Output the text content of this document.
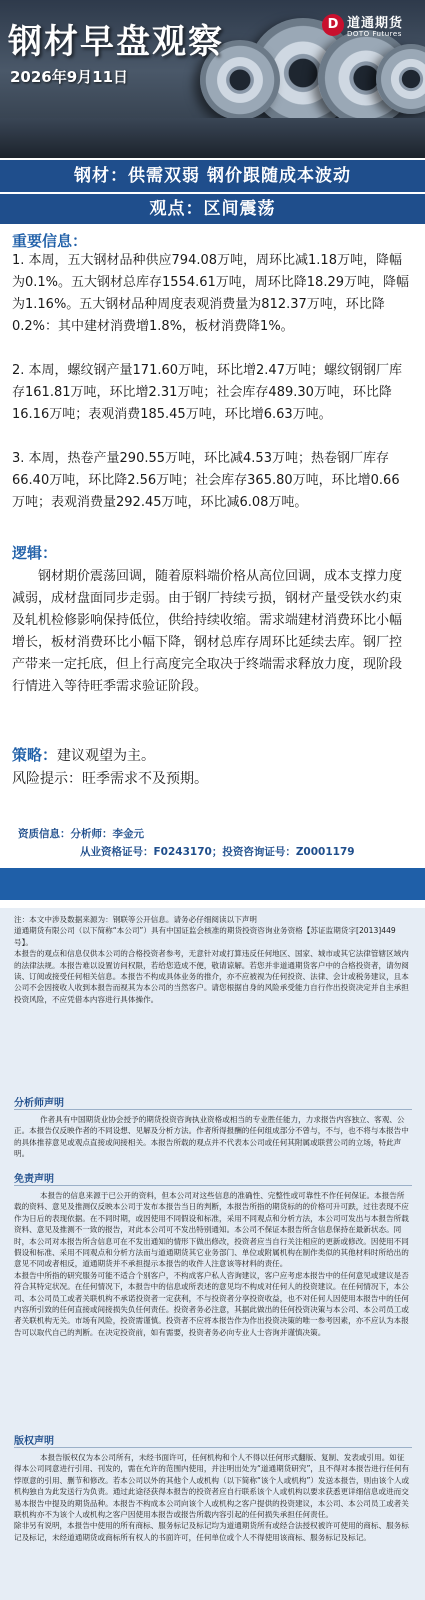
钢材早盘观察
2026年9月11日
D 道通期货
DOTO Futures
钢材：供需双弱 钢价跟随成本波动
观点：区间震荡
重要信息：
1. 本周，五大钢材品种供应794.08万吨，周环比减1.18万吨，降幅为0.1%。五大钢材总库存1554.61万吨，周环比降18.29万吨，降幅为1.16%。五大钢材品种周度表观消费量为812.37万吨，环比降0.2%：其中建材消费增1.8%，板材消费降1%。
2. 本周，螺纹钢产量171.60万吨，环比增2.47万吨；螺纹钢钢厂库存161.81万吨，环比增2.31万吨；社会库存489.30万吨，环比降16.16万吨；表观消费185.45万吨，环比增6.63万吨。
3. 本周，热卷产量290.55万吨，环比减4.53万吨；热卷钢厂库存66.40万吨，环比降2.56万吨；社会库存365.80万吨，环比增0.66万吨；表观消费量292.45万吨，环比减6.08万吨。
逻辑：
钢材期价震荡回调，随着原料端价格从高位回调，成本支撑力度减弱，成材盘面同步走弱。由于钢厂持续亏损，钢材产量受铁水约束及轧机检修影响保持低位，供给持续收缩。需求端建材消费环比小幅增长，板材消费环比小幅下降，钢材总库存周环比延续去库。钢厂控产带来一定托底，但上行高度完全取决于终端需求释放力度，现阶段行情进入等待旺季需求验证阶段。
策略：建议观望为主。
风险提示：旺季需求不及预期。
资质信息：分析师：李金元
从业资格证号：F0243170；投资咨询证号：Z0001179
注：本文中涉及数据来源为：钢联等公开信息。请务必仔细阅读以下声明
道通期货有限公司（以下简称“本公司”）具有中国证监会核准的期货投资咨询业务资格【苏证监期货字[2013]449号】。
本报告的观点和信息仅供本公司的合格投资者参考，无意针对或打算违反任何地区、国家、城市或其它法律管辖区域内的法律法规。本报告难以设置访问权限，若给您造成不便，敬请谅解。若您并非道通期货客户中的合格投资者，请勿阅读、订阅或接受任何相关信息。本报告不构成具体业务的推介，亦不应被视为任何投资、法律、会计或税务建议，且本公司不会因接收人收到本报告而视其为本公司的当然客户。请您根据自身的风险承受能力自行作出投资决定并自主承担投资风险，不应凭借本内容进行具体操作。
分析师声明
作者具有中国期货业协会授予的期货投资咨询执业资格或相当的专业胜任能力，力求报告内容独立、客观、公正。本报告仅反映作者的不同设想、见解及分析方法。作者所得报酬的任何组成部分不曾与，不与，也不将与本报告中的具体推荐意见或观点直接或间接相关。本报告所载的观点并不代表本公司或任何其附属或联营公司的立场，特此声明。
免责声明
本报告的信息来源于已公开的资料，但本公司对这些信息的准确性、完整性或可靠性不作任何保证。本报告所载的资料、意见及推测仅反映本公司于发布本报告当日的判断，本报告所指的期货标的的价格可升可跌，过往表现不应作为日后的表现依据。在不同时期，或因使用不同假设和标准，采用不同观点和分析方法，本公司可发出与本报告所载资料、意见及推测不一致的报告，对此本公司可不发出特别通知。本公司不保证本报告所含信息保持在最新状态。同时，本公司对本报告所含信息可在不发出通知的情形下做出修改，投资者应当自行关注相应的更新或修改。因使用不同假设和标准、采用不同观点和分析方法而与道通期货其它业务部门、单位或附属机构在制作类似的其他材料时所给出的意见不同或者相反，道通期货并不承担提示本报告的收件人注意该等材料的责任。
本报告中所指的研究服务可能不适合个别客户，不构成客户私人咨询建议，客户应考虑本报告中的任何意见或建议是否符合其特定状况。在任何情况下，本报告中的信息或所表述的意见均不构成对任何人的投资建议。在任何情况下，本公司、本公司员工或者关联机构不承诺投资者一定获利，不与投资者分享投资收益，也不对任何人因使用本报告中的任何内容所引致的任何直接或间接损失负任何责任。投资者务必注意，其据此做出的任何投资决策与本公司、本公司员工或者关联机构无关。市场有风险，投资需谨慎。投资者不应将本报告作为作出投资决策的唯一参考因素，亦不应认为本报告可以取代自己的判断。在决定投资前，如有需要，投资者务必向专业人士咨询并谨慎决策。
版权声明
本报告版权仅为本公司所有，未经书面许可，任何机构和个人不得以任何形式翻版、复制、发表或引用。如征得本公司同意进行引用、刊发的，需在允许的范围内使用，并注明出处为“道通期货研究”，且不得对本报告进行任何有悖原意的引用、删节和修改。若本公司以外的其他个人或机构（以下简称“该个人或机构”）发送本报告，则由该个人或机构独自为此发送行为负责。通过此途径获得本报告的投资者应自行联系该个人或机构以要求获悉更详细信息或进而交易本报告中提及的期货品种。本报告不构成本公司向该个人或机构之客户提供的投资建议，本公司、本公司员工或者关联机构亦不为该个人或机构之客户因使用本报告或报告所载内容引起的任何损失承担任何责任。
除非另有说明，本报告中使用的所有商标、服务标记及标记均为道通期货所有或经合法授权被许可使用的商标、服务标记及标记，未经道通期货或商标所有权人的书面许可，任何单位或个人不得使用该商标、服务标记及标记。
